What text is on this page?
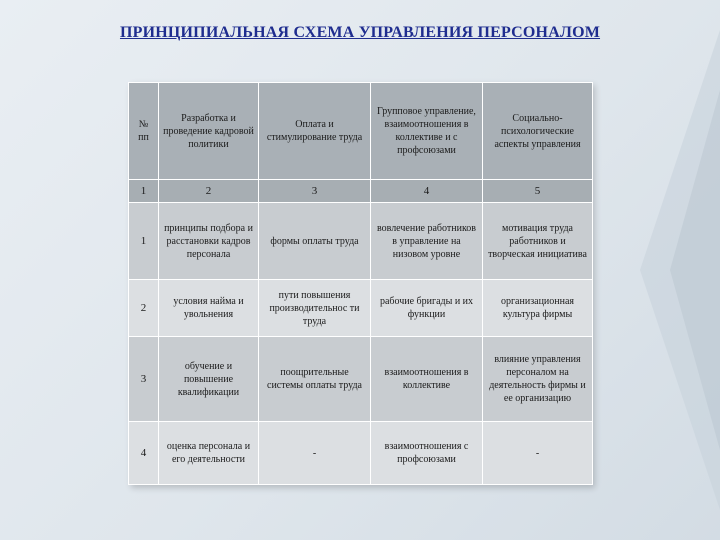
ПРИНЦИПИАЛЬНАЯ СХЕМА УПРАВЛЕНИЯ ПЕРСОНАЛОМ
№ пп	Разработка и проведение кадровой политики	Оплата и стимулирование труда	Групповое управление, взаимоотношения в коллективе и с профсоюзами	Социально-психологические аспекты управления
1	2	3	4	5
1	принципы подбора и расстановки кадров персонала	формы оплаты труда	вовлечение работников в управление на низовом уровне	мотивация труда работников и творческая инициатива
2	условия найма и увольнения	пути повышения производительнос ти труда	рабочие бригады и их функции	организационная культура фирмы
3	обучение и повышение квалификации	поощрительные системы оплаты труда	взаимоотношения в коллективе	влияние управления персоналом на деятельность фирмы и ее организацию
4	оценка персонала и его деятельности	-	взаимоотношения с профсоюзами	-
